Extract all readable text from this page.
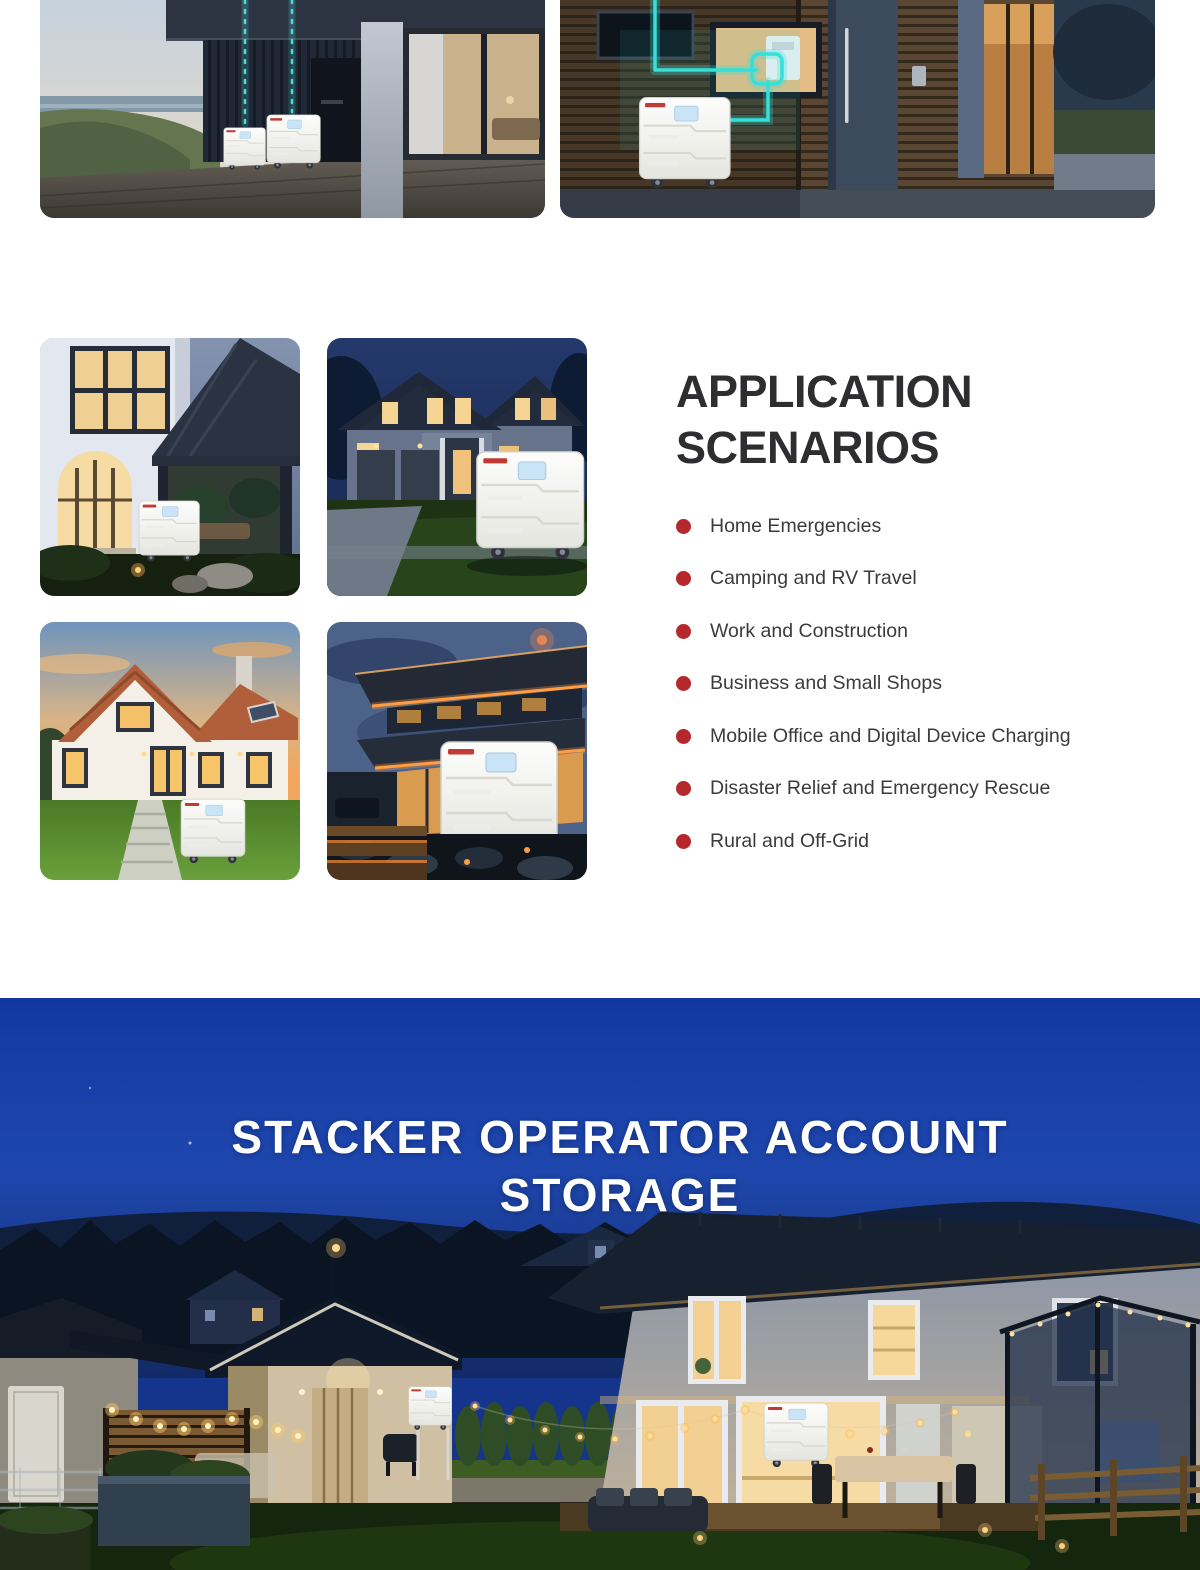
APPLICATION SCENARIOS
Home Emergencies
Camping and RV Travel
Work and Construction
Business and Small Shops
Mobile Office and Digital Device Charging
Disaster Relief and Emergency Rescue
Rural and Off-Grid
STACKER OPERATOR ACCOUNT
STORAGE
